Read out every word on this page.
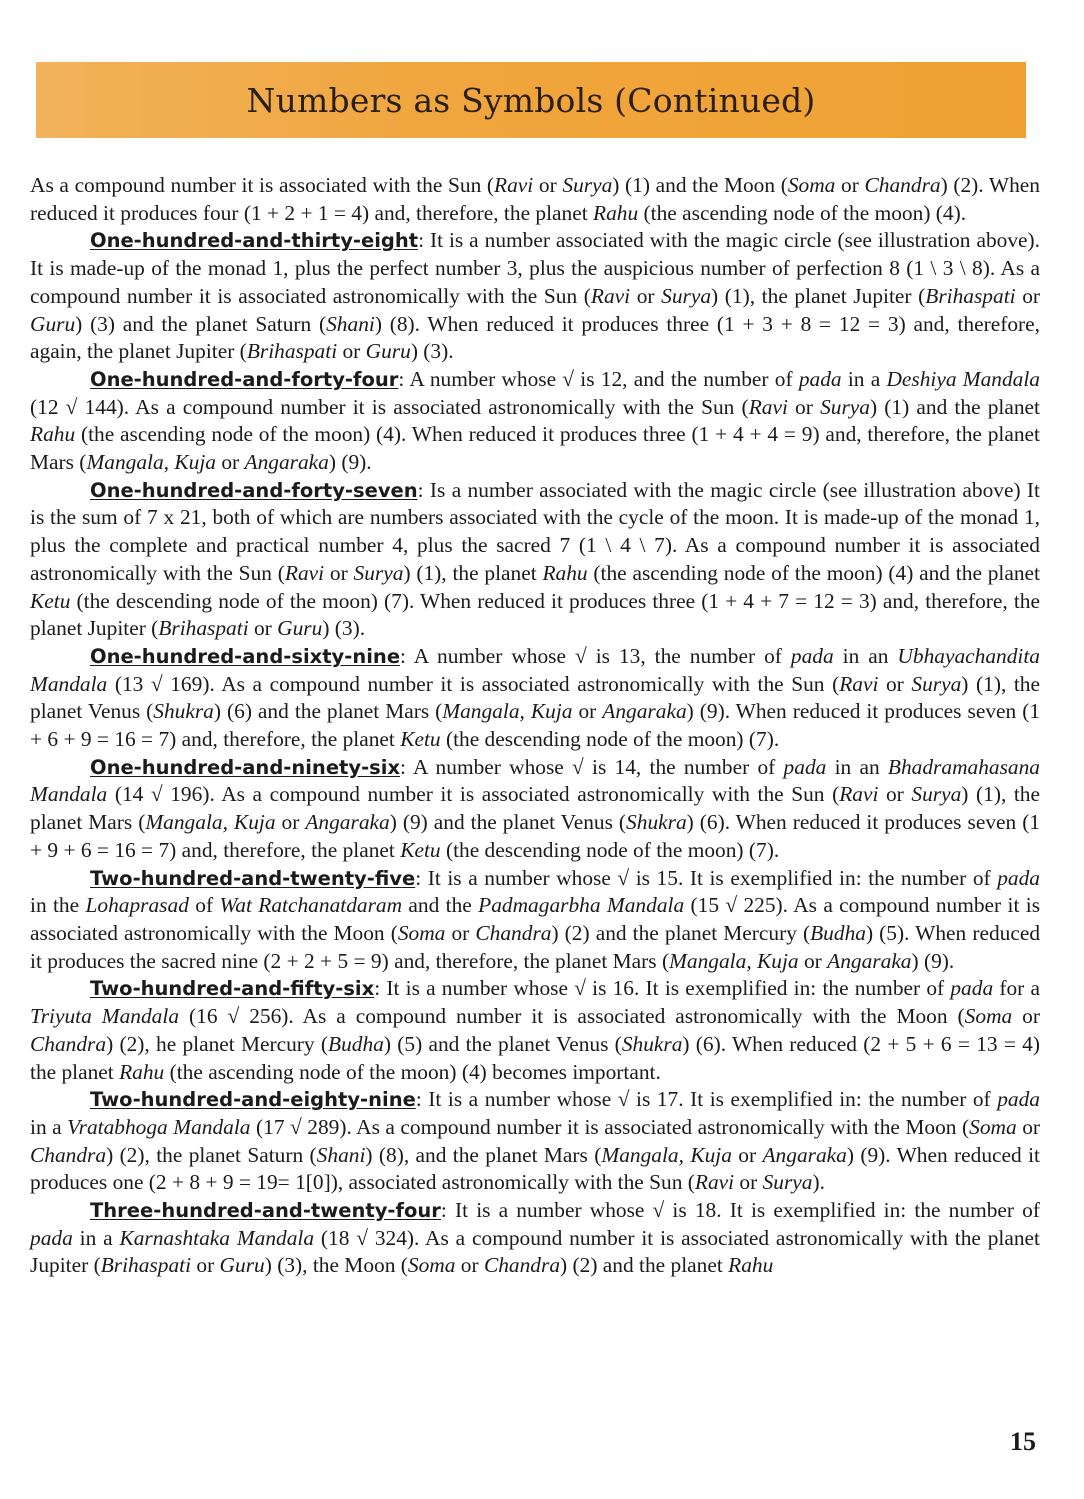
Numbers as Symbols (Continued)

As a compound number it is associated with the Sun (Ravi or Surya) (1) and the Moon (Soma or Chandra) (2). When reduced it produces four (1 + 2 + 1 = 4) and, therefore, the planet Rahu (the ascending node of the moon) (4).

One-hundred-and-thirty-eight: It is a number associated with the magic circle (see illustration above). It is made-up of the monad 1, plus the perfect number 3, plus the auspicious number of perfection 8 (1 \ 3 \ 8). As a compound number it is associated astronomically with the Sun (Ravi or Surya) (1), the planet Jupiter (Brihaspati or Guru) (3) and the planet Saturn (Shani) (8). When reduced it produces three (1 + 3 + 8 = 12 = 3) and, therefore, again, the planet Jupiter (Brihaspati or Guru) (3).

One-hundred-and-forty-four: A number whose √ is 12, and the number of pada in a Deshiya Mandala (12 √ 144). As a compound number it is associated astronomically with the Sun (Ravi or Surya) (1) and the planet Rahu (the ascending node of the moon) (4). When reduced it produces three (1 + 4 + 4 = 9) and, therefore, the planet Mars (Mangala, Kuja or Angaraka) (9).

One-hundred-and-forty-seven: Is a number associated with the magic circle (see illustration above) It is the sum of 7 x 21, both of which are numbers associated with the cycle of the moon. It is made-up of the monad 1, plus the complete and practical number 4, plus the sacred 7 (1 \ 4 \ 7). As a compound number it is associated astronomically with the Sun (Ravi or Surya) (1), the planet Rahu (the ascending node of the moon) (4) and the planet Ketu (the descending node of the moon) (7). When reduced it produces three (1 + 4 + 7 = 12 = 3) and, therefore, the planet Jupiter (Brihaspati or Guru) (3).

One-hundred-and-sixty-nine: A number whose √ is 13, the number of pada in an Ubhayachandita Mandala (13 √ 169). As a compound number it is associated astronomically with the Sun (Ravi or Surya) (1), the planet Venus (Shukra) (6) and the planet Mars (Mangala, Kuja or Angaraka) (9). When reduced it produces seven (1 + 6 + 9 = 16 = 7) and, therefore, the planet Ketu (the descending node of the moon) (7).

One-hundred-and-ninety-six: A number whose √ is 14, the number of pada in an Bhadramahasana Mandala (14 √ 196). As a compound number it is associated astronomically with the Sun (Ravi or Surya) (1), the planet Mars (Mangala, Kuja or Angaraka) (9) and the planet Venus (Shukra) (6). When reduced it produces seven (1 + 9 + 6 = 16 = 7) and, therefore, the planet Ketu (the descending node of the moon) (7).

Two-hundred-and-twenty-five: It is a number whose √ is 15. It is exemplified in: the number of pada in the Lohaprasad of Wat Ratchanatdaram and the Padmagarbha Mandala (15 √ 225). As a compound number it is associated astronomically with the Moon (Soma or Chandra) (2) and the planet Mercury (Budha) (5). When reduced it produces the sacred nine (2 + 2 + 5 = 9) and, therefore, the planet Mars (Mangala, Kuja or Angaraka) (9).

Two-hundred-and-fifty-six: It is a number whose √ is 16. It is exemplified in: the number of pada for a Triyuta Mandala (16 √ 256). As a compound number it is associated astronomically with the Moon (Soma or Chandra) (2), he planet Mercury (Budha) (5) and the planet Venus (Shukra) (6). When reduced (2 + 5 + 6 = 13 = 4) the planet Rahu (the ascending node of the moon) (4) becomes important.

Two-hundred-and-eighty-nine: It is a number whose √ is 17. It is exemplified in: the number of pada in a Vratabhoga Mandala (17 √ 289). As a compound number it is associated astronomically with the Moon (Soma or Chandra) (2), the planet Saturn (Shani) (8), and the planet Mars (Mangala, Kuja or Angaraka) (9). When reduced it produces one (2 + 8 + 9 = 19= 1[0]), associated astronomically with the Sun (Ravi or Surya).

Three-hundred-and-twenty-four: It is a number whose √ is 18. It is exemplified in: the number of pada in a Karnashtaka Mandala (18 √ 324). As a compound number it is associated astronomically with the planet Jupiter (Brihaspati or Guru) (3), the Moon (Soma or Chandra) (2) and the planet Rahu

15
